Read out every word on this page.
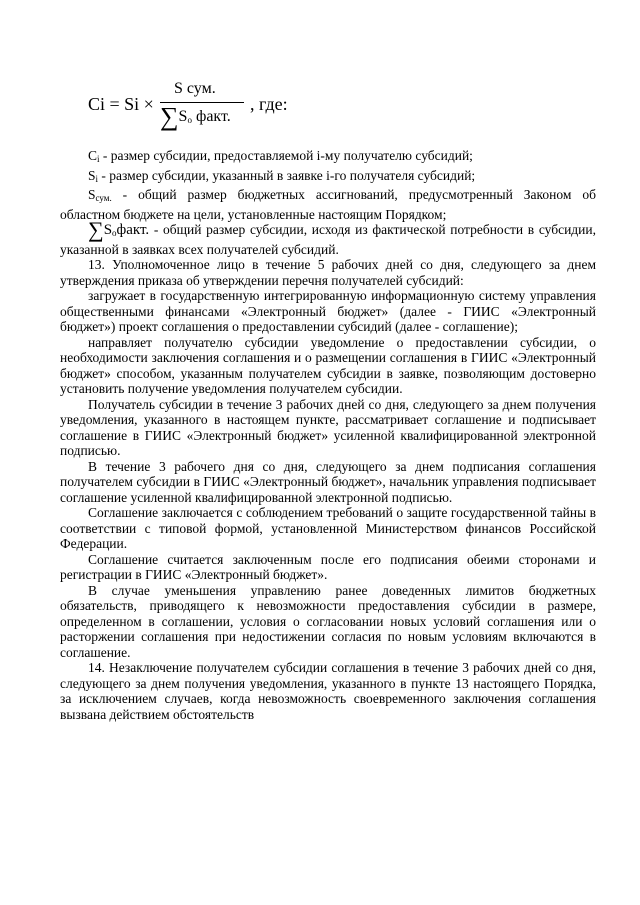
Ci = Si ×
S сум.
$\sum S_o$ факт.
, где:

$C_i$ - размер субсидии, предоставляемой i-му получателю субсидий;

$S_i$ - размер субсидии, указанный в заявке i-го получателя субсидий;

$S_{сум.}$ - общий размер бюджетных ассигнований, предусмотренный Законом об областном бюджете на цели, установленные настоящим Порядком;

$\sum S_oфакт$. - общий размер субсидии, исходя из фактической потребности в субсидии, указанной в заявках всех получателей субсидий.

13. Уполномоченное лицо в течение 5 рабочих дней со дня, следующего за днем утверждения приказа об утверждении перечня получателей субсидий:

загружает в государственную интегрированную информационную систему управления общественными финансами «Электронный бюджет» (далее - ГИИС «Электронный бюджет») проект соглашения о предоставлении субсидий (далее - соглашение);

направляет получателю субсидии уведомление о предоставлении субсидии, о необходимости заключения соглашения и о размещении соглашения в ГИИС «Электронный бюджет» способом, указанным получателем субсидии в заявке, позволяющим достоверно установить получение уведомления получателем субсидии.

Получатель субсидии в течение 3 рабочих дней со дня, следующего за днем получения уведомления, указанного в настоящем пункте, рассматривает соглашение и подписывает соглашение в ГИИС «Электронный бюджет» усиленной квалифицированной электронной подписью.

В течение 3 рабочего дня со дня, следующего за днем подписания соглашения получателем субсидии в ГИИС «Электронный бюджет», начальник управления подписывает соглашение усиленной квалифицированной электронной подписью.

Соглашение заключается с соблюдением требований о защите государственной тайны в соответствии с типовой формой, установленной Министерством финансов Российской Федерации.

Соглашение считается заключенным после его подписания обеими сторонами и регистрации в ГИИС «Электронный бюджет».

В случае уменьшения управлению ранее доведенных лимитов бюджетных обязательств, приводящего к невозможности предоставления субсидии в размере, определенном в соглашении, условия о согласовании новых условий соглашения или о расторжении соглашения при недостижении согласия по новым условиям включаются в соглашение.

14. Незаключение получателем субсидии соглашения в течение 3 рабочих дней со дня, следующего за днем получения уведомления, указанного в пункте 13 настоящего Порядка, за исключением случаев, когда невозможность своевременного заключения соглашения вызвана действием обстоятельств
